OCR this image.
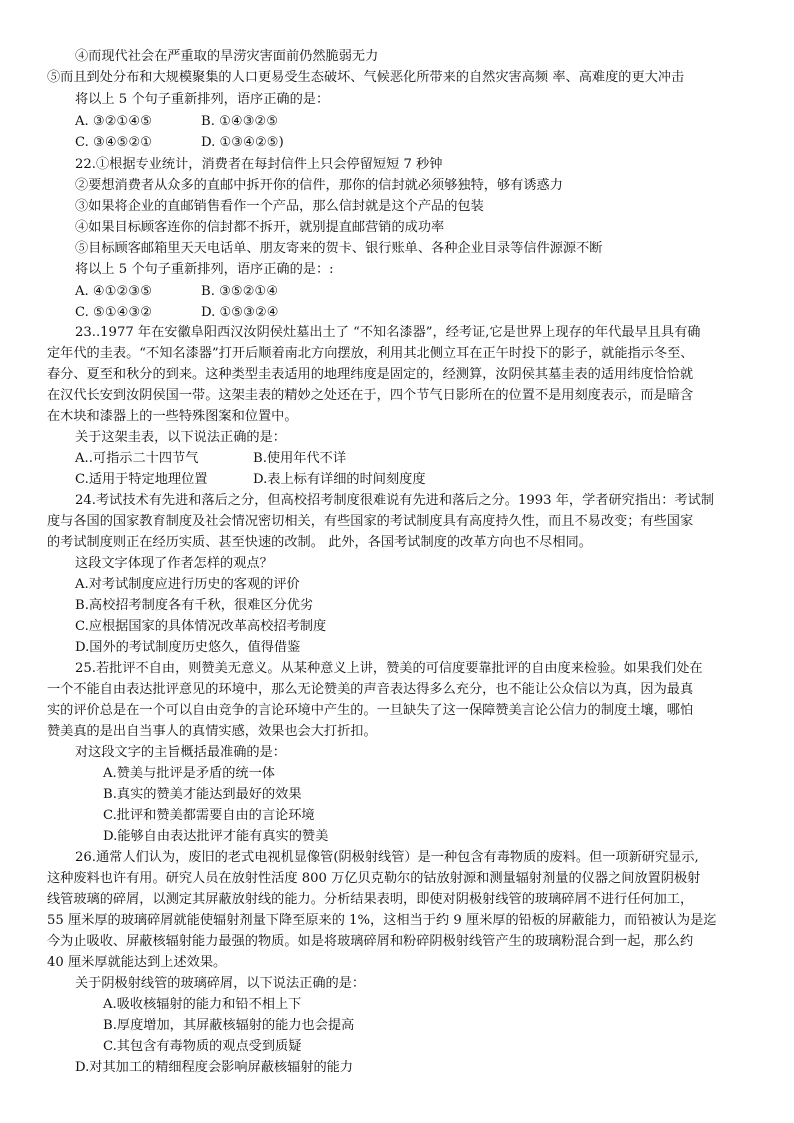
④而现代社会在严重取的旱涝灾害面前仍然脆弱无力
⑤而且到处分布和大规模聚集的人口更易受生态破坏、气候恶化所带来的自然灾害高频 率、高难度的更大冲击
将以上 5 个句子重新排列，语序正确的是：
A. ③②①④⑤	B. ①④③②⑤
C. ③④⑤②①	D. ①③④②⑤)
22.①根据专业统计，消费者在每封信件上只会停留短短 7 秒钟
②要想消费者从众多的直邮中拆开你的信件，那你的信封就必须够独特，够有诱惑力
③如果将企业的直邮销售看作一个产品，那么信封就是这个产品的包装
④如果目标顾客连你的信封都不拆开，就别提直邮营销的成功率
⑤目标顾客邮箱里天天电话单、朋友寄来的贺卡、银行账单、各种企业目录等信件源源不断
将以上 5 个句子重新排列，语序正确的是：:
A. ④①②③⑤	B. ③⑤②①④
C. ⑤①④③②	D. ①⑤③②④
23..1977 年在安徽阜阳西汉汝阴侯灶墓出土了 “不知名漆器”，经考证,它是世界上现存的年代最早且具有确
定年代的圭表。“不知名漆器”打开后顺着南北方向摆放，利用其北侧立耳在正午时投下的影子，就能指示冬至、
春分、夏至和秋分的到来。这种类型圭表适用的地理纬度是固定的，经测算，汝阴侯其墓圭表的适用纬度恰恰就
在汉代长安到汝阴侯国一带。这架圭表的精妙之处还在于，四个节气日影所在的位置不是用刻度表示，而是暗含
在木块和漆器上的一些特殊图案和位置中。
关于这架圭表，以下说法正确的是：
A..可指示二十四节气	B.使用年代不详
C.适用于特定地理位置	D.表上标有详细的时间刻度度
24.考试技术有先进和落后之分，但高校招考制度很难说有先进和落后之分。1993 年，学者研究指出：考试制
度与各国的国家教育制度及社会情况密切相关，有些国家的考试制度具有高度持久性，而且不易改变；有些国家
的考试制度则正在经历实质、甚至快速的改制。 此外，各国考试制度的改革方向也不尽相同。
这段文字体现了作者怎样的观点？
A.对考试制度应进行历史的客观的评价
B.高校招考制度各有千秋，很难区分优劣
C.应根据国家的具体情况改革高校招考制度
D.国外的考试制度历史悠久，值得借鉴
25.若批评不自由，则赞美无意义。从某种意义上讲，赞美的可信度要靠批评的自由度来检验。如果我们处在
一个不能自由表达批评意见的环境中，那么无论赞美的声音表达得多么充分，也不能让公众信以为真，因为最真
实的评价总是在一个可以自由竞争的言论环境中产生的。一旦缺失了这一保障赞美言论公信力的制度土壤，哪怕
赞美真的是出自当事人的真情实感，效果也会大打折扣。
对这段文字的主旨概括最准确的是：
A.赞美与批评是矛盾的统一体
B.真实的赞美才能达到最好的效果
C.批评和赞美都需要自由的言论环境
D.能够自由表达批评才能有真实的赞美
26.通常人们认为，废旧的老式电视机显像管(阴极射线管）是一种包含有毒物质的废料。但一项新研究显示,
这种废料也许有用。研究人员在放射性活度 800 万亿贝克勒尔的钴放射源和测量辐射剂量的仪器之间放置阴极射
线管玻璃的碎屑，以测定其屏蔽放射线的能力。分析结果表明，即使对阴极射线管的玻璃碎屑不进行任何加工，
55 厘米厚的玻璃碎屑就能使辐射剂量下降至原来的 1%，这相当于约 9 厘米厚的铅板的屏蔽能力，而铅被认为是迄
今为止吸收、屏蔽核辐射能力最强的物质。如是将玻璃碎屑和粉碎阴极射线管产生的玻璃粉混合到一起，那么约
40 厘米厚就能达到上述效果。
关于阴极射线管的玻璃碎屑，以下说法正确的是：
A.吸收核辐射的能力和铅不相上下
B.厚度增加，其屏蔽核辐射的能力也会提高
C.其包含有毒物质的观点受到质疑
D.对其加工的精细程度会影响屏蔽核辐射的能力
